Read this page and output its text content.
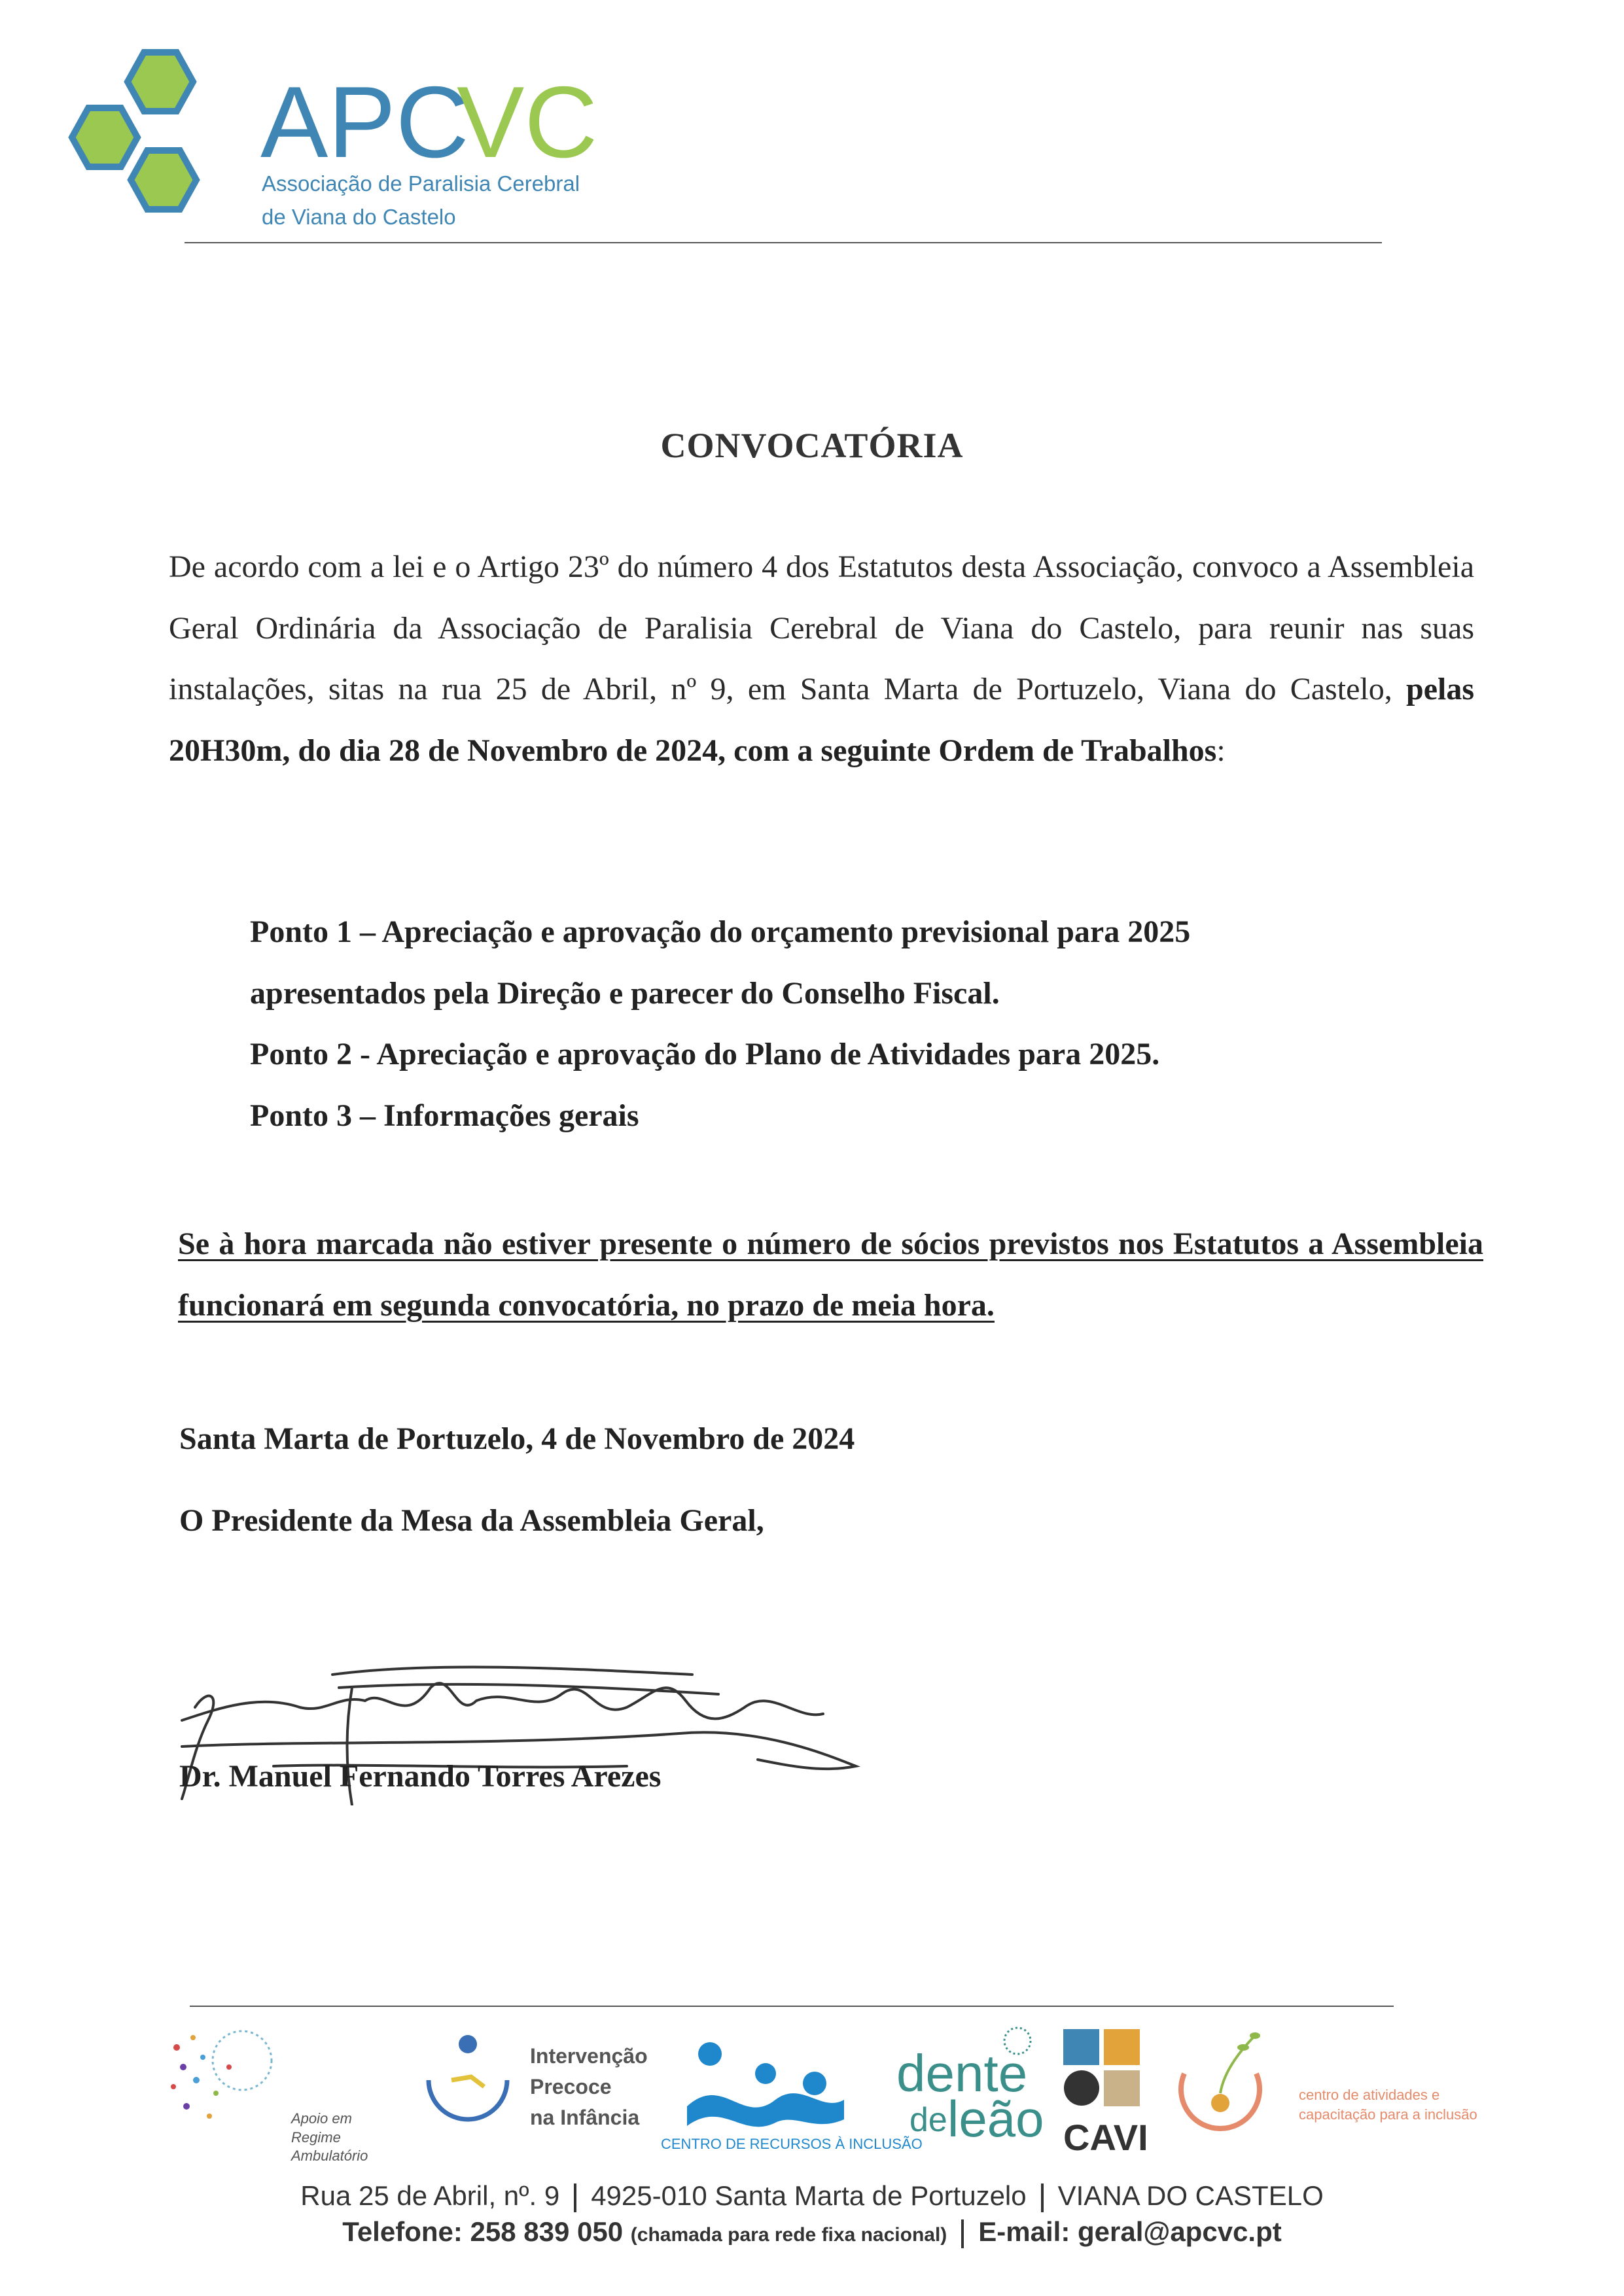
APC
VC
Associação de Paralisia Cerebral
de Viana do Castelo
CONVOCATÓRIA
De acordo com a lei e o Artigo 23º do número 4 dos Estatutos desta Associação, convoco a Assembleia Geral Ordinária da Associação de Paralisia Cerebral de Viana do Castelo, para reunir nas suas instalações, sitas na rua 25 de Abril, nº 9, em Santa Marta de Portuzelo, Viana do Castelo, pelas 20H30m, do dia 28 de Novembro de 2024, com a seguinte Ordem de Trabalhos:
Ponto 1 – Apreciação e aprovação do orçamento previsional para 2025
apresentados pela Direção e parecer do Conselho Fiscal.
Ponto 2 - Apreciação e aprovação do Plano de Atividades para 2025.
Ponto 3 – Informações gerais
Se à hora marcada não estiver presente o número de sócios previstos nos Estatutos a Assembleia funcionará em segunda convocatória, no prazo de meia hora.
Santa Marta de Portuzelo, 4 de Novembro de 2024
O Presidente da Mesa da Assembleia Geral,
Dr. Manuel Fernando Torres Arezes
Apoio em Regime Ambulatório
Intervenção
Precoce
na Infância
CENTRO DE RECURSOS À INCLUSÃO
dente
de leão CAVI
centro de atividades e
capacitação para a inclusão
Rua 25 de Abril, nº. 9 4925-010 Santa Marta de Portuzelo VIANA DO CASTELO
Telefone: 258 839 050 (chamada para rede fixa nacional) E-mail: geral@apcvc.pt
